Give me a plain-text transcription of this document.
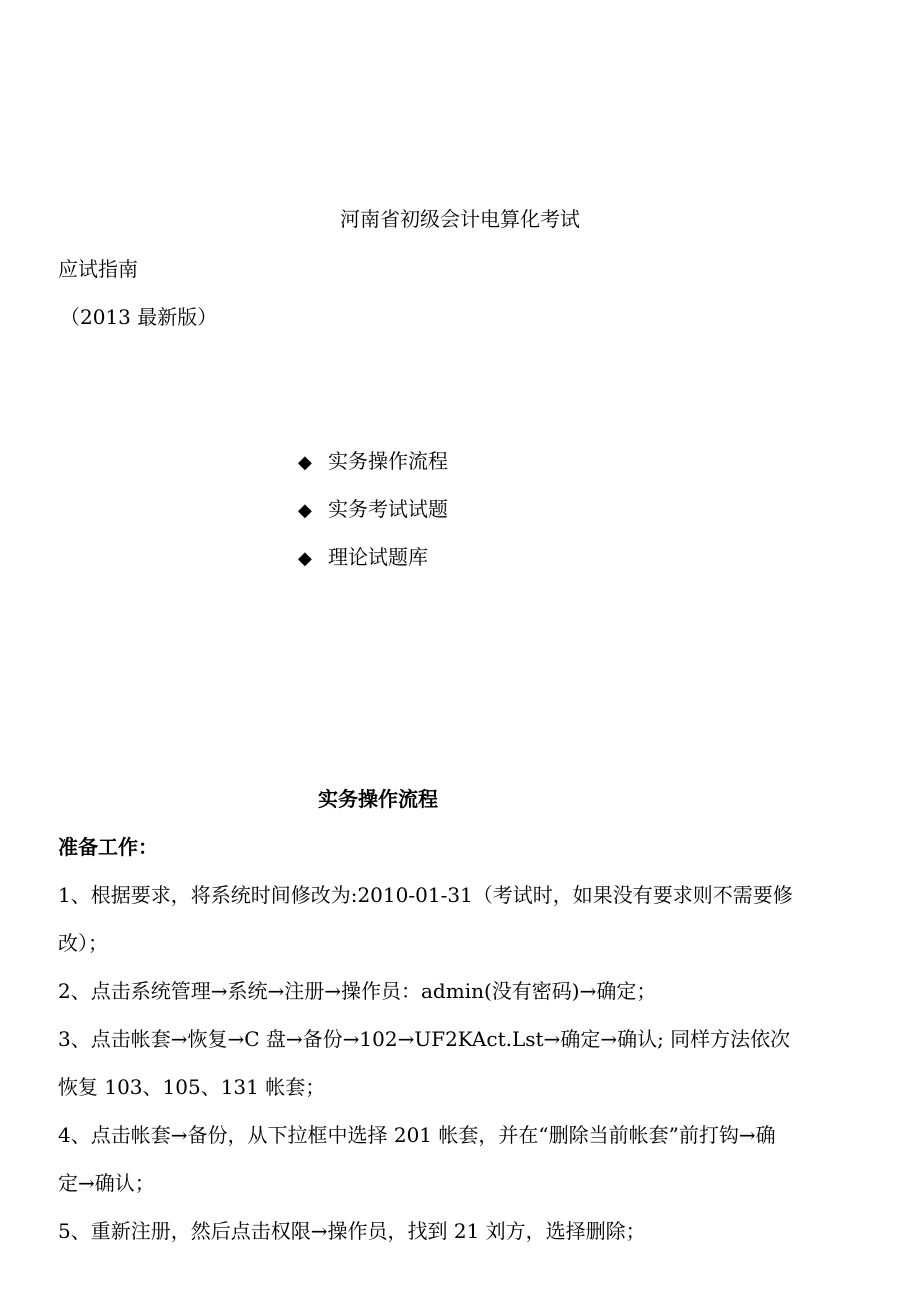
河南省初级会计电算化考试
应试指南
（2013 最新版）
◆ 实务操作流程
◆ 实务考试试题
◆ 理论试题库
实务操作流程
准备工作：
1、根据要求，将系统时间修改为:2010-01-31（考试时，如果没有要求则不需要修
改）；
2、点击系统管理→系统→注册→操作员：admin(没有密码)→确定；
3、点击帐套→恢复→C 盘→备份→102→UF2KAct.Lst→确定→确认; 同样方法依次
恢复 103、105、131 帐套；
4、点击帐套→备份，从下拉框中选择 201 帐套，并在“删除当前帐套”前打钩→确
定→确认；
5、重新注册，然后点击权限→操作员，找到 21 刘方，选择删除；
